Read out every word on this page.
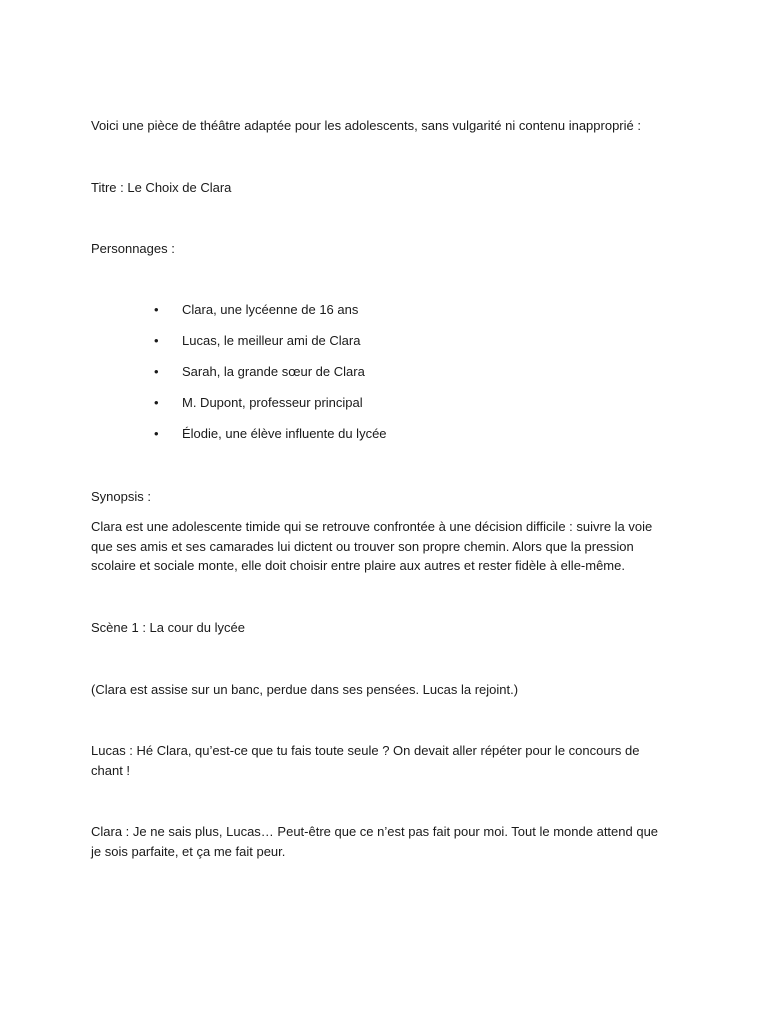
Voici une pièce de théâtre adaptée pour les adolescents, sans vulgarité ni contenu inapproprié :

Titre : Le Choix de Clara

Personnages :

• Clara, une lycéenne de 16 ans
• Lucas, le meilleur ami de Clara
• Sarah, la grande sœur de Clara
• M. Dupont, professeur principal
• Élodie, une élève influente du lycée

Synopsis :

Clara est une adolescente timide qui se retrouve confrontée à une décision difficile : suivre la voie que ses amis et ses camarades lui dictent ou trouver son propre chemin. Alors que la pression scolaire et sociale monte, elle doit choisir entre plaire aux autres et rester fidèle à elle-même.

Scène 1 : La cour du lycée

(Clara est assise sur un banc, perdue dans ses pensées. Lucas la rejoint.)

Lucas : Hé Clara, qu’est-ce que tu fais toute seule ? On devait aller répéter pour le concours de chant !

Clara : Je ne sais plus, Lucas… Peut-être que ce n’est pas fait pour moi. Tout le monde attend que je sois parfaite, et ça me fait peur.
